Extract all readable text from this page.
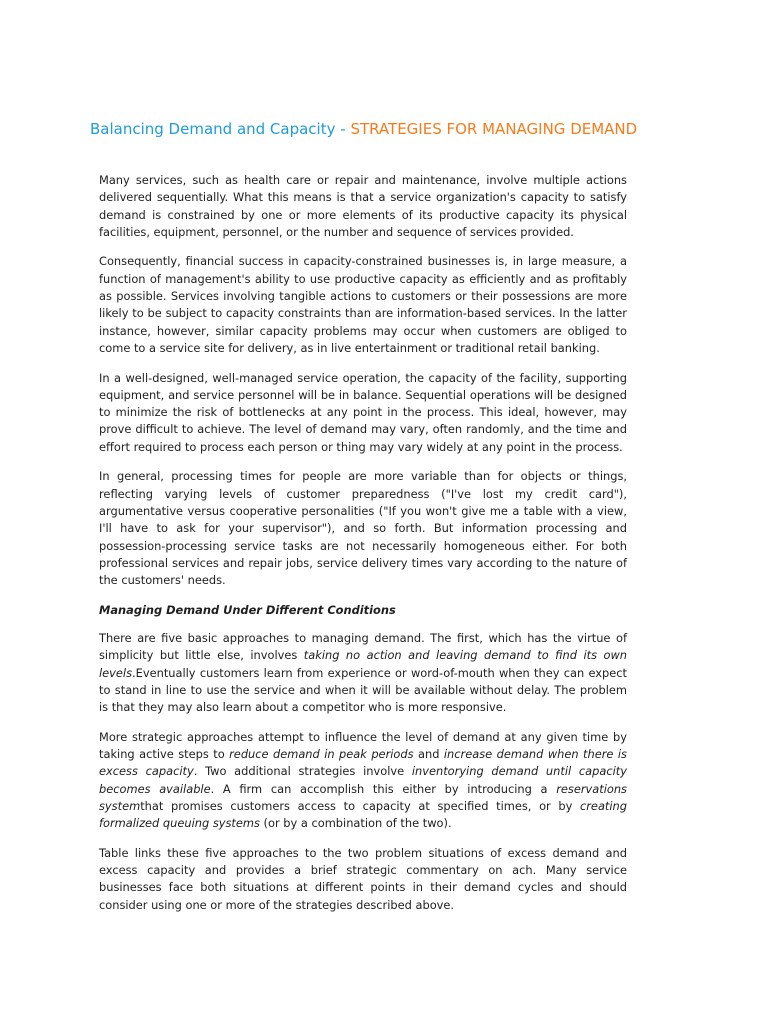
Balancing Demand and Capacity - STRATEGIES FOR MANAGING DEMAND

Many services, such as health care or repair and maintenance, involve multiple actions delivered sequentially. What this means is that a service organization's capacity to satisfy demand is constrained by one or more elements of its productive capacity its physical facilities, equipment, personnel, or the number and sequence of services provided.

Consequently, financial success in capacity-constrained businesses is, in large measure, a function of management's ability to use productive capacity as efficiently and as profitably as possible. Services involving tangible actions to customers or their possessions are more likely to be subject to capacity constraints than are information-based services. In the latter instance, however, similar capacity problems may occur when customers are obliged to come to a service site for delivery, as in live entertainment or traditional retail banking.

In a well-designed, well-managed service operation, the capacity of the facility, supporting equipment, and service personnel will be in balance. Sequential operations will be designed to minimize the risk of bottlenecks at any point in the process. This ideal, however, may prove difficult to achieve. The level of demand may vary, often randomly, and the time and effort required to process each person or thing may vary widely at any point in the process.

In general, processing times for people are more variable than for objects or things, reflecting varying levels of customer preparedness ("I've lost my credit card"), argumentative versus cooperative personalities ("If you won't give me a table with a view, I'll have to ask for your supervisor"), and so forth. But information processing and possession-processing service tasks are not necessarily homogeneous either. For both professional services and repair jobs, service delivery times vary according to the nature of the customers' needs.

Managing Demand Under Different Conditions

There are five basic approaches to managing demand. The first, which has the virtue of simplicity but little else, involves taking no action and leaving demand to find its own levels.Eventually customers learn from experience or word-of-mouth when they can expect to stand in line to use the service and when it will be available without delay. The problem is that they may also learn about a competitor who is more responsive.

More strategic approaches attempt to influence the level of demand at any given time by taking active steps to reduce demand in peak periods and increase demand when there is excess capacity. Two additional strategies involve inventorying demand until capacity becomes available. A firm can accomplish this either by introducing a reservations systemthat promises customers access to capacity at specified times, or by creating formalized queuing systems (or by a combination of the two).

Table links these five approaches to the two problem situations of excess demand and excess capacity and provides a brief strategic commentary on ach. Many service businesses face both situations at different points in their demand cycles and should consider using one or more of the strategies described above.
